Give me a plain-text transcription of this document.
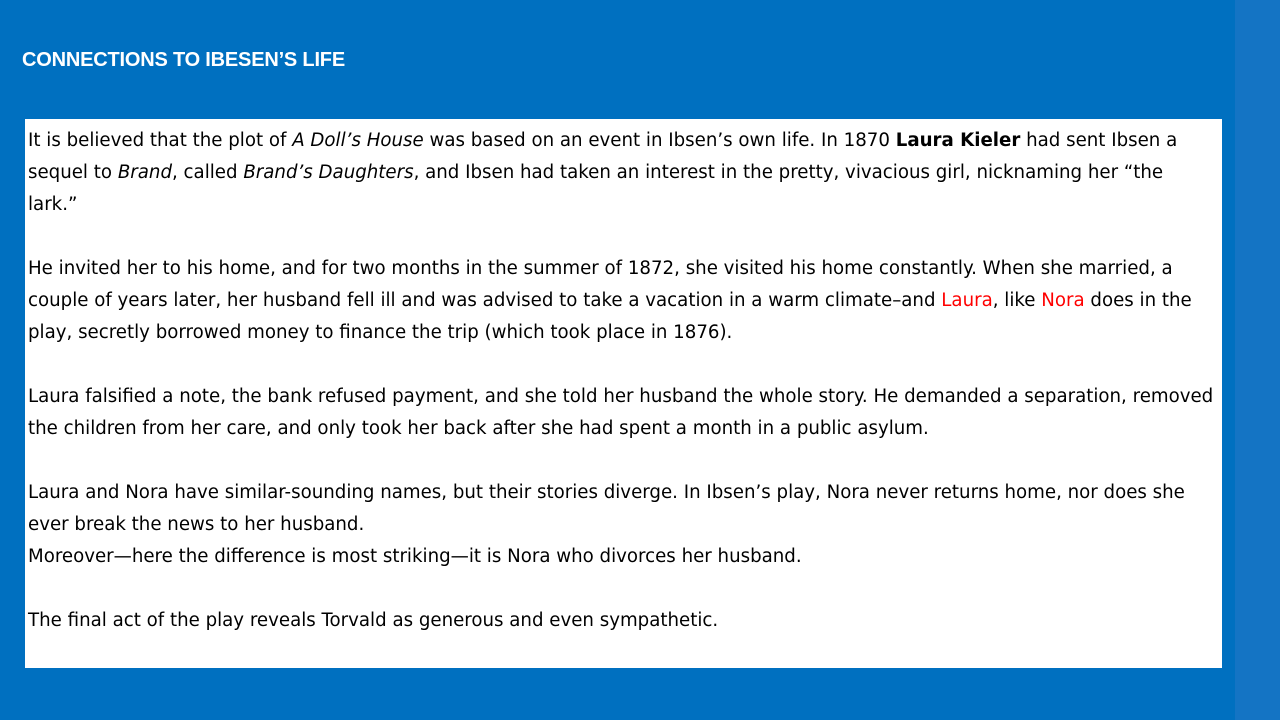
CONNECTIONS TO IBESEN’S LIFE

It is believed that the plot of A Doll’s House was based on an event in Ibsen’s own life. In 1870 Laura Kieler had sent Ibsen a sequel to Brand, called Brand’s Daughters, and Ibsen had taken an interest in the pretty, vivacious girl, nicknaming her “the lark.”

He invited her to his home, and for two months in the summer of 1872, she visited his home constantly. When she married, a couple of years later, her husband fell ill and was advised to take a vacation in a warm climate–and Laura, like Nora does in the play, secretly borrowed money to finance the trip (which took place in 1876).

Laura falsified a note, the bank refused payment, and she told her husband the whole story. He demanded a separation, removed the children from her care, and only took her back after she had spent a month in a public asylum.

Laura and Nora have similar-sounding names, but their stories diverge. In Ibsen’s play, Nora never returns home, nor does she ever break the news to her husband.

Moreover—here the difference is most striking—it is Nora who divorces her husband.

The final act of the play reveals Torvald as generous and even sympathetic.
